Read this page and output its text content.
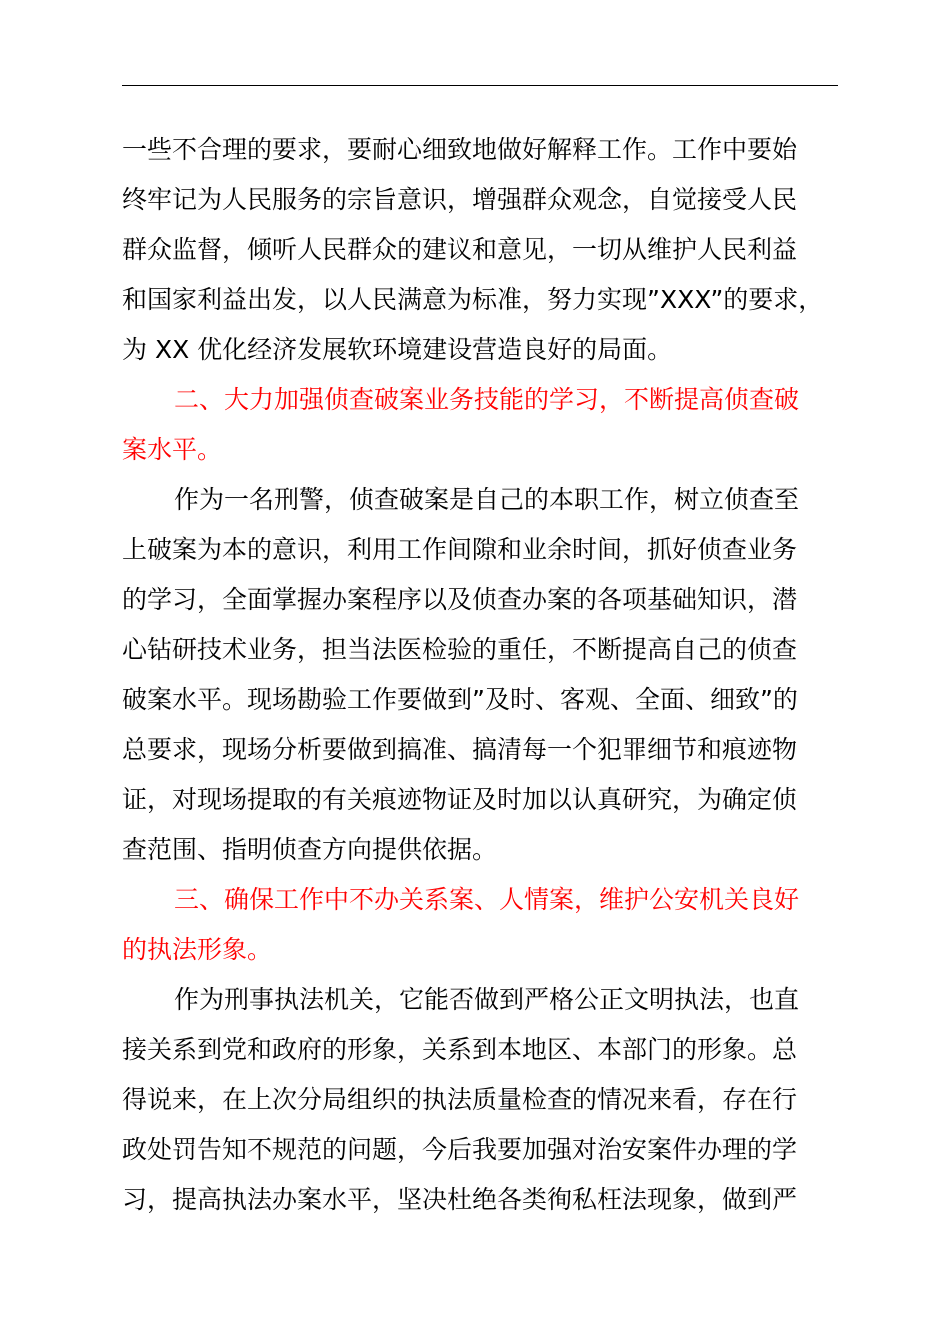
一些不合理的要求，要耐心细致地做好解释工作。工作中要始
终牢记为人民服务的宗旨意识，增强群众观念，自觉接受人民
群众监督，倾听人民群众的建议和意见，一切从维护人民利益
和国家利益出发，以人民满意为标准，努力实现”XXX”的要求，
为 XX 优化经济发展软环境建设营造良好的局面。

二、大力加强侦查破案业务技能的学习，不断提高侦查破
案水平。

作为一名刑警，侦查破案是自己的本职工作，树立侦查至
上破案为本的意识，利用工作间隙和业余时间，抓好侦查业务
的学习，全面掌握办案程序以及侦查办案的各项基础知识，潜
心钻研技术业务，担当法医检验的重任，不断提高自己的侦查
破案水平。现场勘验工作要做到”及时、客观、全面、细致”的
总要求，现场分析要做到搞准、搞清每一个犯罪细节和痕迹物
证，对现场提取的有关痕迹物证及时加以认真研究，为确定侦
查范围、指明侦查方向提供依据。

三、确保工作中不办关系案、人情案，维护公安机关良好
的执法形象。

作为刑事执法机关，它能否做到严格公正文明执法，也直
接关系到党和政府的形象，关系到本地区、本部门的形象。总
得说来，在上次分局组织的执法质量检查的情况来看，存在行
政处罚告知不规范的问题，今后我要加强对治安案件办理的学
习，提高执法办案水平，坚决杜绝各类徇私枉法现象，做到严
